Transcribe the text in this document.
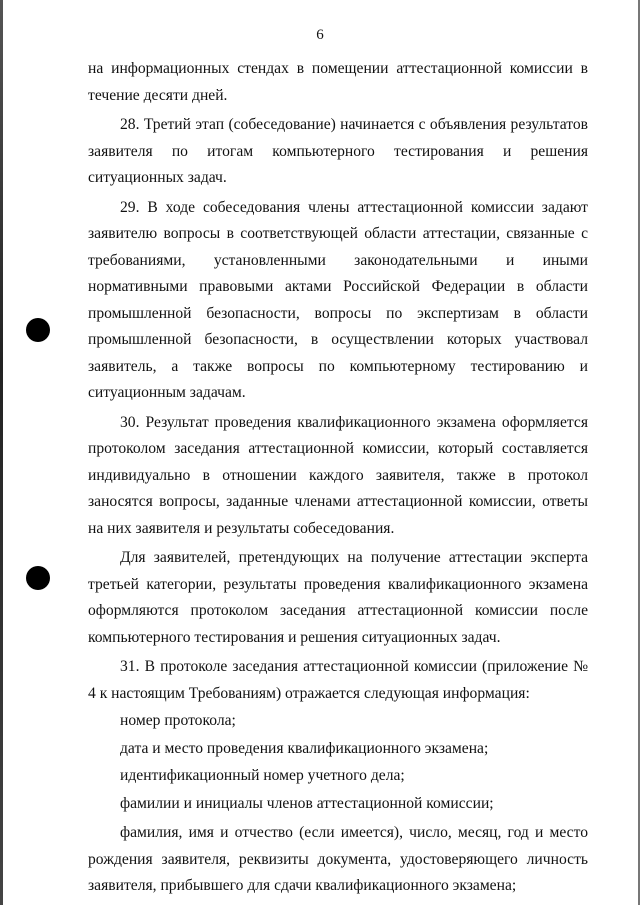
6

на информационных стендах в помещении аттестационной комиссии в течение десяти дней.

28. Третий этап (собеседование) начинается с объявления результатов заявителя по итогам компьютерного тестирования и решения ситуационных задач.

29. В ходе собеседования члены аттестационной комиссии задают заявителю вопросы в соответствующей области аттестации, связанные с требованиями, установленными законодательными и иными нормативными правовыми актами Российской Федерации в области промышленной безопасности, вопросы по экспертизам в области промышленной безопасности, в осуществлении которых участвовал заявитель, а также вопросы по компьютерному тестированию и ситуационным задачам.

30. Результат проведения квалификационного экзамена оформляется протоколом заседания аттестационной комиссии, который составляется индивидуально в отношении каждого заявителя, также в протокол заносятся вопросы, заданные членами аттестационной комиссии, ответы на них заявителя и результаты собеседования.

Для заявителей, претендующих на получение аттестации эксперта третьей категории, результаты проведения квалификационного экзамена оформляются протоколом заседания аттестационной комиссии после компьютерного тестирования и решения ситуационных задач.

31. В протоколе заседания аттестационной комиссии (приложение № 4 к настоящим Требованиям) отражается следующая информация:

номер протокола;

дата и место проведения квалификационного экзамена;

идентификационный номер учетного дела;

фамилии и инициалы членов аттестационной комиссии;

фамилия, имя и отчество (если имеется), число, месяц, год и место рождения заявителя, реквизиты документа, удостоверяющего личность заявителя, прибывшего для сдачи квалификационного экзамена;
